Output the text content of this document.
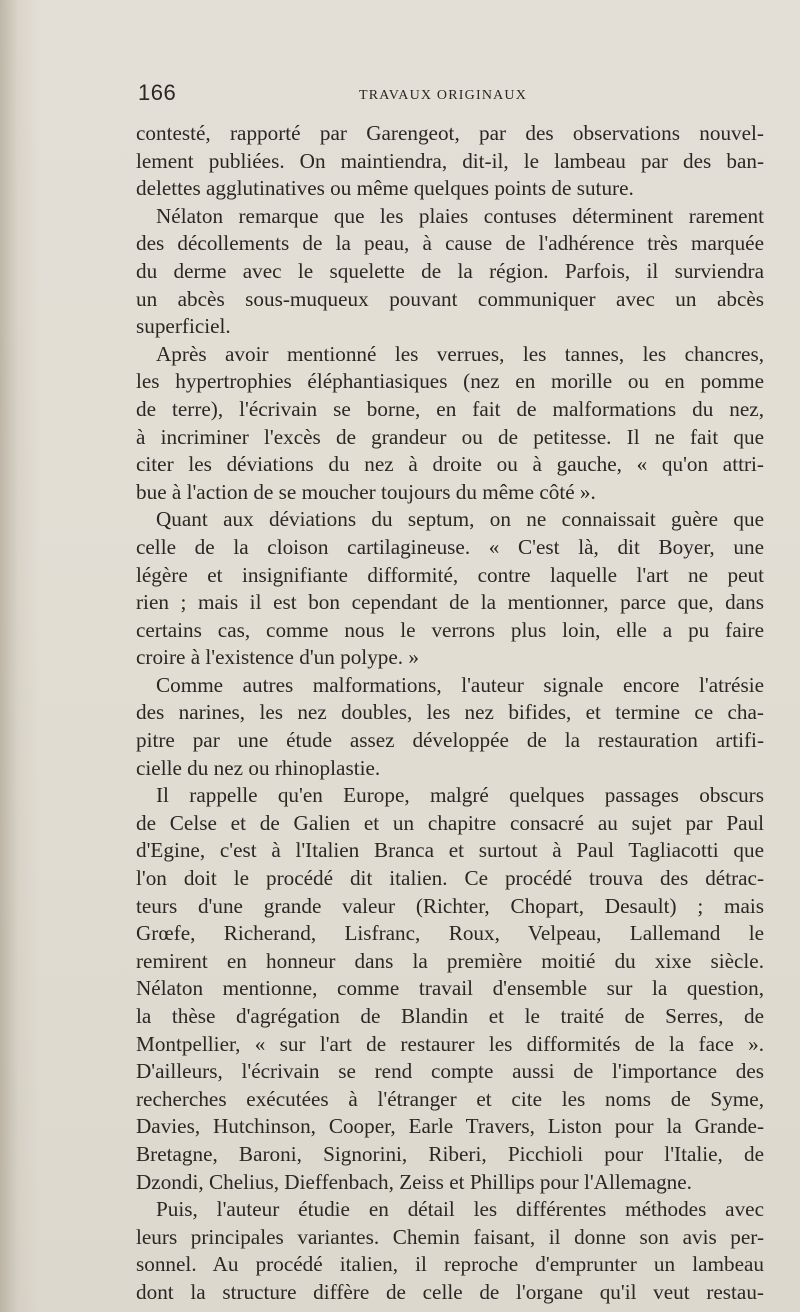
166	TRAVAUX ORIGINAUX
contesté, rapporté par Garengeot, par des observations nouvel-
lement publiées. On maintiendra, dit-il, le lambeau par des ban-
delettes agglutinatives ou même quelques points de suture.
Nélaton remarque que les plaies contuses déterminent rarement
des décollements de la peau, à cause de l'adhérence très marquée
du derme avec le squelette de la région. Parfois, il surviendra
un abcès sous-muqueux pouvant communiquer avec un abcès
superficiel.
Après avoir mentionné les verrues, les tannes, les chancres,
les hypertrophies éléphantiasiques (nez en morille ou en pomme
de terre), l'écrivain se borne, en fait de malformations du nez,
à incriminer l'excès de grandeur ou de petitesse. Il ne fait que
citer les déviations du nez à droite ou à gauche, « qu'on attri-
bue à l'action de se moucher toujours du même côté ».
Quant aux déviations du septum, on ne connaissait guère que
celle de la cloison cartilagineuse. « C'est là, dit Boyer, une
légère et insignifiante difformité, contre laquelle l'art ne peut
rien ; mais il est bon cependant de la mentionner, parce que, dans
certains cas, comme nous le verrons plus loin, elle a pu faire
croire à l'existence d'un polype. »
Comme autres malformations, l'auteur signale encore l'atrésie
des narines, les nez doubles, les nez bifides, et termine ce cha-
pitre par une étude assez développée de la restauration artifi-
cielle du nez ou rhinoplastie.
Il rappelle qu'en Europe, malgré quelques passages obscurs
de Celse et de Galien et un chapitre consacré au sujet par Paul
d'Egine, c'est à l'Italien Branca et surtout à Paul Tagliacotti que
l'on doit le procédé dit italien. Ce procédé trouva des détrac-
teurs d'une grande valeur (Richter, Chopart, Desault) ; mais
Grœfe, Richerand, Lisfranc, Roux, Velpeau, Lallemand le
remirent en honneur dans la première moitié du xixe siècle.
Nélaton mentionne, comme travail d'ensemble sur la question,
la thèse d'agrégation de Blandin et le traité de Serres, de
Montpellier, « sur l'art de restaurer les difformités de la face ».
D'ailleurs, l'écrivain se rend compte aussi de l'importance des
recherches exécutées à l'étranger et cite les noms de Syme,
Davies, Hutchinson, Cooper, Earle Travers, Liston pour la Grande-
Bretagne, Baroni, Signorini, Riberi, Picchioli pour l'Italie, de
Dzondi, Chelius, Dieffenbach, Zeiss et Phillips pour l'Allemagne.
Puis, l'auteur étudie en détail les différentes méthodes avec
leurs principales variantes. Chemin faisant, il donne son avis per-
sonnel. Au procédé italien, il reproche d'emprunter un lambeau
dont la structure diffère de celle de l'organe qu'il veut restau-
